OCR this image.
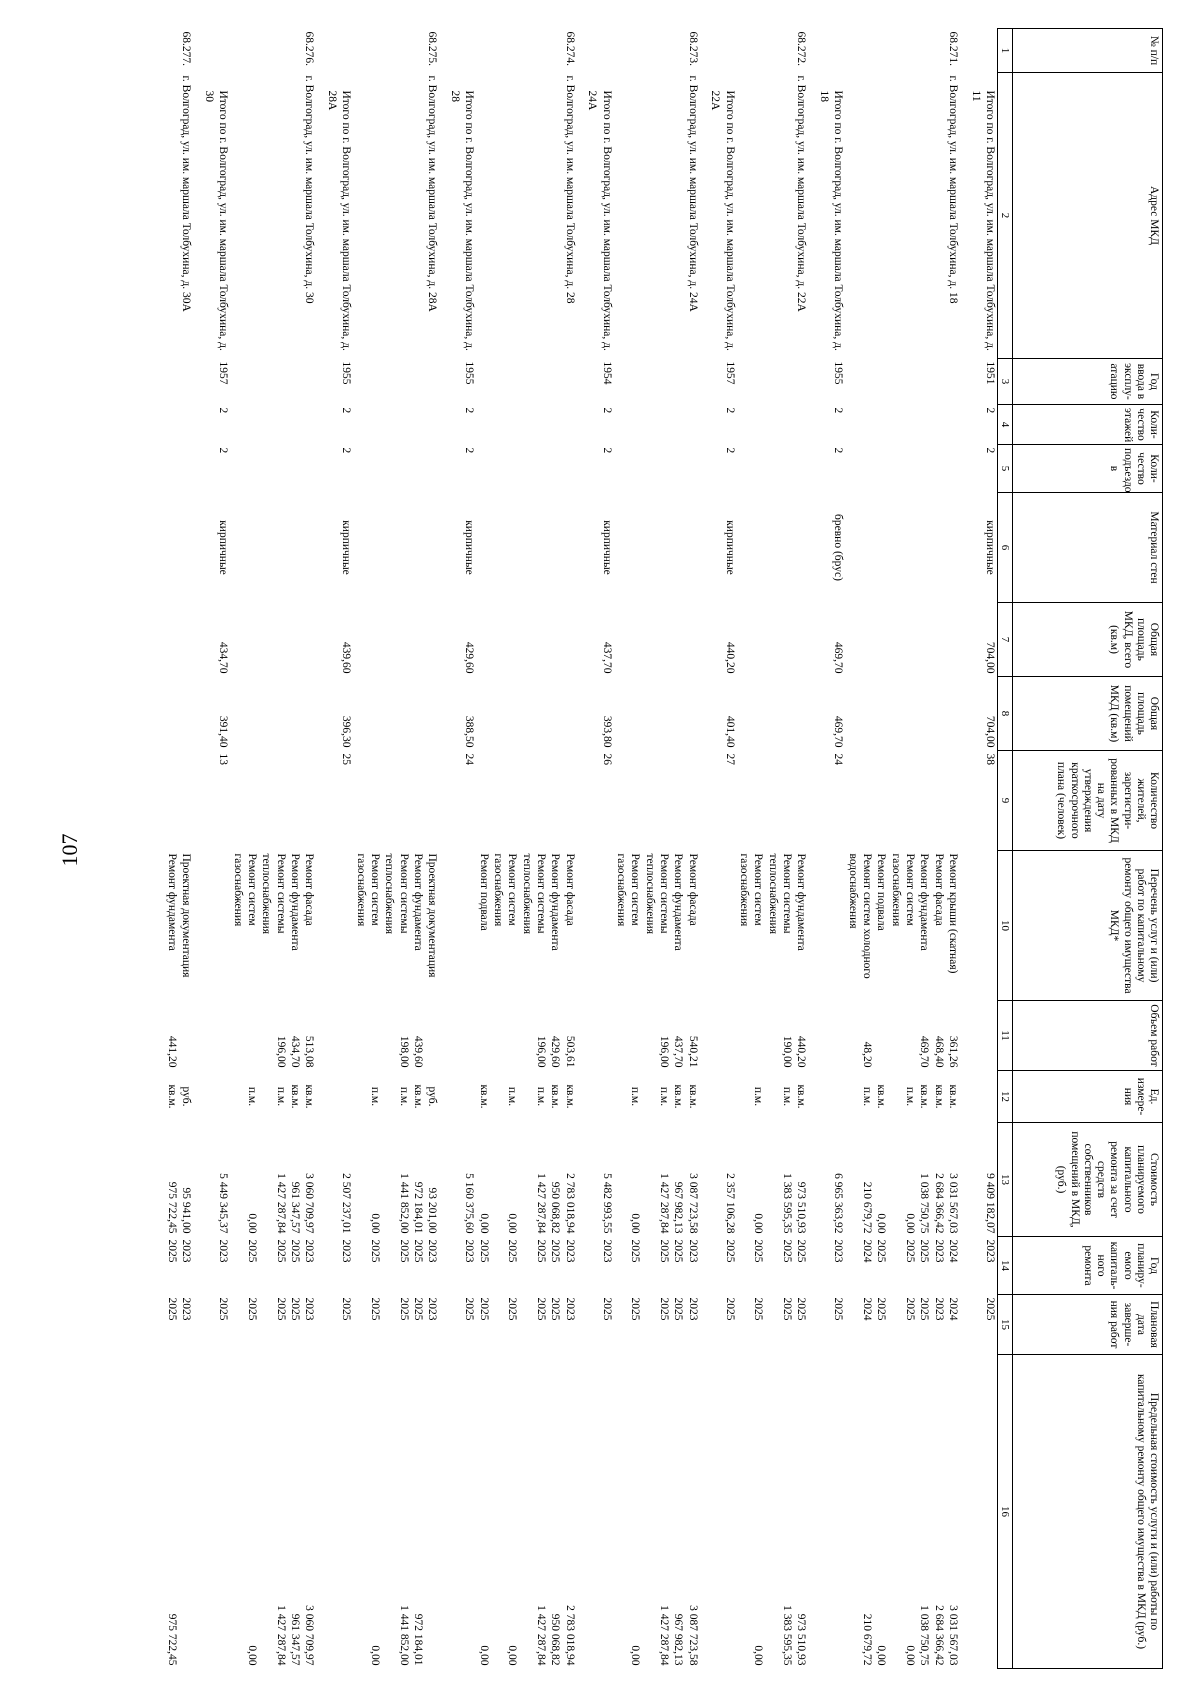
107
№ п/п	Адрес МКД	Год ввода в эксплу-атацию	Коли-чество этажей	Коли-чество подъездо в	Материал стен	Общая площадь МКД, всего (кв.м)	Общая площадь помещений МКД (кв.м)	Количество жителей, зарегистри-рованных в МКД на дату утверждения краткосрочного плана (человек)	Перечень услуг и (или) работ по капитальному ремонту общего имущества МКД*	Объем работ	Ед. измере-ния	Стоимость планируемого капитального ремонта за счет средств собственников помещений в МКД, (руб.)	Год планиру-емого капиталь-ного ремонта	Плановая дата заверше-ния работ	Предельная стоимость услуги и (или) работы по капитальному ремонту общего имущества в МКД (руб.)
1	2	3	4	5	6	7	8	9	10	11	12	13	14	15	16
	Итого по г. Волгоград, ул. им. маршала Толбухина, д. 11	1951	2	2	кирпичные	704,00	704,00	38				9 409 182,07	2023	2025	

68.271.	г. Волгоград, ул. им. маршала Толбухина, д. 18								Ремонт крыши (скатная)	361,26	кв.м.	3 031 567,03	2024	2024	3 031 567,03
									Ремонт фасада	468,40	кв.м.	2 684 366,42	2023	2023	2 684 366,42
									Ремонт фундамента	469,70	кв.м.	1 038 750,75	2025	2025	1 038 750,75
									Ремонт систем газоснабжения		п.м.	0,00	2025	2025	0,00
									Ремонт подвала		кв.м.	0,00	2025	2025	0,00
									Ремонт систем холодного водоснабжения	48,20	п.м.	210 679,72	2024	2024	210 679,72
	Итого по г. Волгоград, ул. им. маршала Толбухина, д. 18	1955	2	2	бревно (брус)	469,70	469,70	24				6 965 363,92	2023	2025	

68.272.	г. Волгоград, ул. им. маршала Толбухина, д. 22А								Ремонт фундамента	440,20	кв.м.	973 510,93	2025	2025	973 510,93
									Ремонт системы теплоснабжения	190,00	п.м.	1 383 595,35	2025	2025	1 383 595,35
									Ремонт систем газоснабжения		п.м.	0,00	2025	2025	0,00
	Итого по г. Волгоград, ул. им. маршала Толбухина, д. 22А	1957	2	2	кирпичные	440,20	401,40	27				2 357 106,28	2025	2025	

68.273.	г. Волгоград, ул. им. маршала Толбухина, д. 24А								Ремонт фасада	540,21	кв.м.	3 087 723,58	2023	2023	3 087 723,58
									Ремонт фундамента	437,70	кв.м.	967 982,13	2025	2025	967 982,13
									Ремонт системы теплоснабжения	196,00	п.м.	1 427 287,84	2025	2025	1 427 287,84
									Ремонт систем газоснабжения		п.м.	0,00	2025	2025	0,00
	Итого по г. Волгоград, ул. им. маршала Толбухина, д. 24А	1954	2	2	кирпичные	437,70	393,80	26				5 482 993,55	2023	2025	

68.274.	г. Волгоград, ул. им. маршала Толбухина, д. 28								Ремонт фасада	503,61	кв.м.	2 783 018,94	2023	2023	2 783 018,94
									Ремонт фундамента	429,60	кв.м.	950 068,82	2025	2025	950 068,82
									Ремонт системы теплоснабжения	196,00	п.м.	1 427 287,84	2025	2025	1 427 287,84
									Ремонт систем газоснабжения		п.м.	0,00	2025	2025	0,00
									Ремонт подвала		кв.м.	0,00	2025	2025	0,00
	Итого по г. Волгоград, ул. им. маршала Толбухина, д. 28	1955	2	2	кирпичные	429,60	388,50	24				5 160 375,60	2023	2025	

68.275.	г. Волгоград, ул. им. маршала Толбухина, д. 28А								Проектная документация		руб.	93 201,00	2023	2023	
									Ремонт фундамента	439,60	кв.м.	972 184,01	2025	2025	972 184,01
									Ремонт системы теплоснабжения	198,00	п.м.	1 441 852,00	2025	2025	1 441 852,00
									Ремонт систем газоснабжения		п.м.	0,00	2025	2025	0,00
	Итого по г. Волгоград, ул. им. маршала Толбухина, д. 28А	1955	2	2	кирпичные	439,60	396,30	25				2 507 237,01	2023	2025	

68.276.	г. Волгоград, ул. им. маршала Толбухина, д. 30								Ремонт фасада	513,08	кв.м.	3 060 709,97	2023	2023	3 060 709,97
									Ремонт фундамента	434,70	кв.м.	961 347,57	2025	2025	961 347,57
									Ремонт системы теплоснабжения	196,00	п.м.	1 427 287,84	2025	2025	1 427 287,84
									Ремонт систем газоснабжения		п.м.	0,00	2025	2025	0,00
	Итого по г. Волгоград, ул. им. маршала Толбухина, д. 30	1957	2	2	кирпичные	434,70	391,40	13				5 449 345,37	2023	2025	

68.277.	г. Волгоград, ул. им. маршала Толбухина, д. 30А								Проектная документация		руб.	95 941,00	2023	2023	
									Ремонт фундамента	441,20	кв.м.	975 722,45	2025	2025	975 722,45
